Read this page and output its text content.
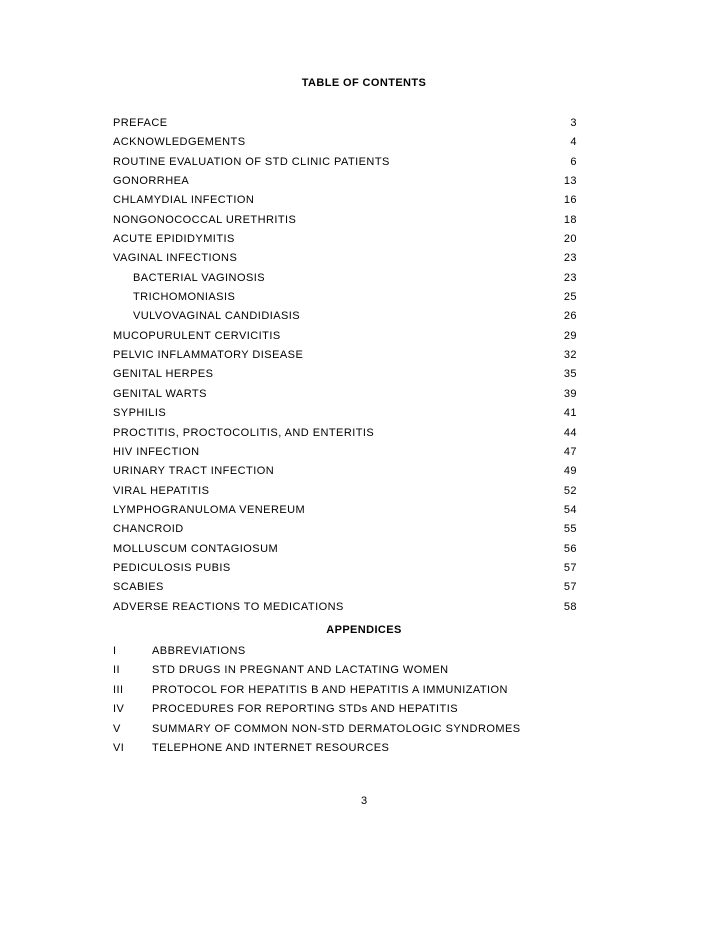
TABLE OF CONTENTS
PREFACE	3
ACKNOWLEDGEMENTS	4
ROUTINE EVALUATION OF STD CLINIC PATIENTS	6
GONORRHEA	13
CHLAMYDIAL INFECTION	16
NONGONOCOCCAL URETHRITIS	18
ACUTE EPIDIDYMITIS	20
VAGINAL INFECTIONS	23
BACTERIAL VAGINOSIS	23
TRICHOMONIASIS	25
VULVOVAGINAL CANDIDIASIS	26
MUCOPURULENT CERVICITIS	29
PELVIC INFLAMMATORY DISEASE	32
GENITAL HERPES	35
GENITAL WARTS	39
SYPHILIS	41
PROCTITIS, PROCTOCOLITIS, AND ENTERITIS	44
HIV INFECTION	47
URINARY TRACT INFECTION	49
VIRAL HEPATITIS	52
LYMPHOGRANULOMA VENEREUM	54
CHANCROID	55
MOLLUSCUM CONTAGIOSUM	56
PEDICULOSIS PUBIS	57
SCABIES	57
ADVERSE REACTIONS TO MEDICATIONS	58
APPENDICES
I	ABBREVIATIONS
II	STD DRUGS IN PREGNANT AND LACTATING WOMEN
III	PROTOCOL FOR HEPATITIS B AND HEPATITIS A IMMUNIZATION
IV	PROCEDURES FOR REPORTING STDs AND HEPATITIS
V	SUMMARY OF COMMON NON-STD DERMATOLOGIC SYNDROMES
VI	TELEPHONE AND INTERNET RESOURCES
3
